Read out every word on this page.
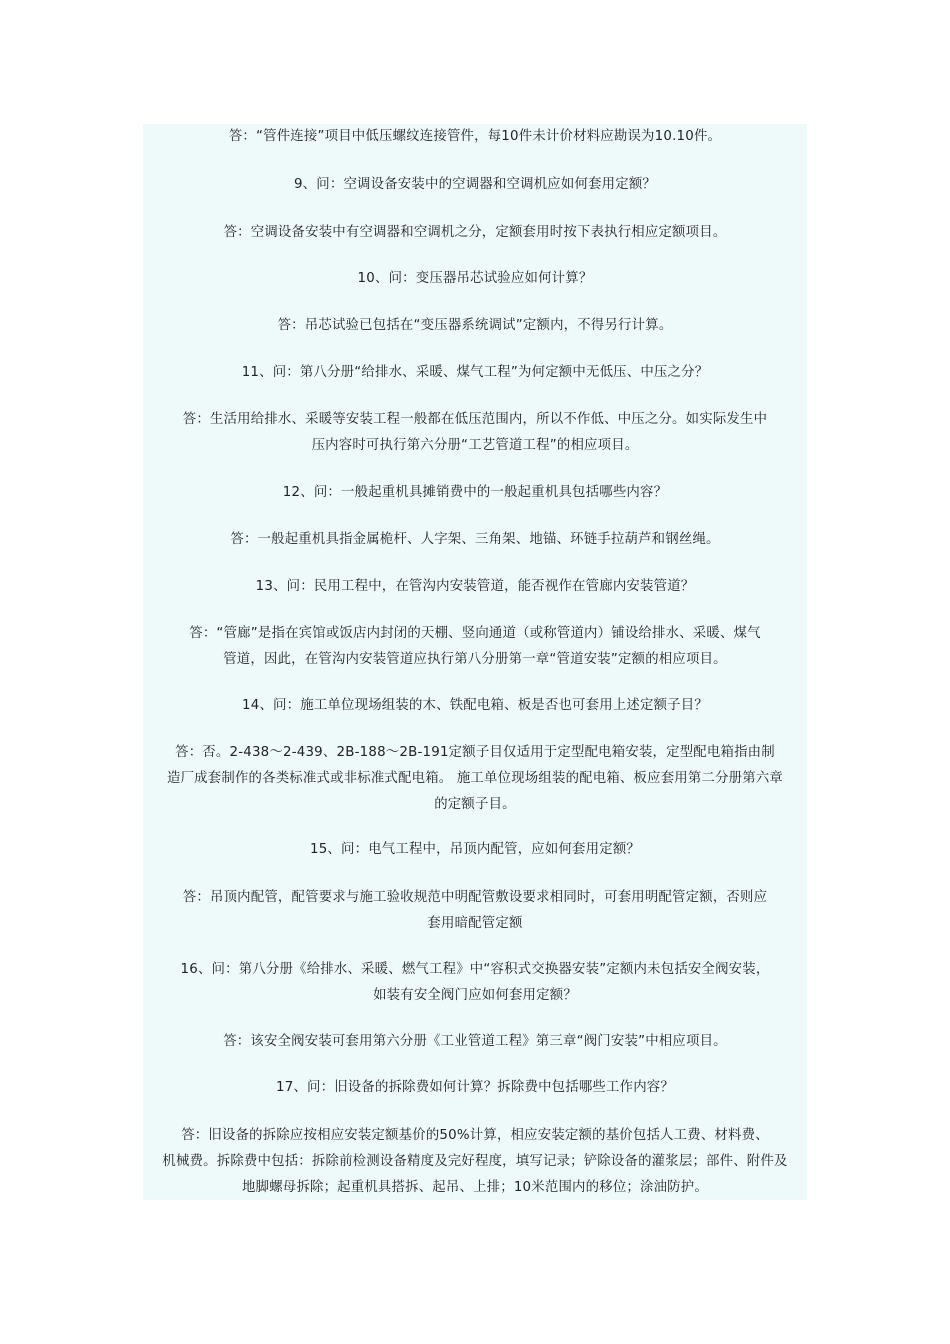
答：“管件连接”项目中低压螺纹连接管件，每10件未计价材料应勘误为10.10件。
9、问：空调设备安装中的空调器和空调机应如何套用定额？
答：空调设备安装中有空调器和空调机之分，定额套用时按下表执行相应定额项目。
10、问：变压器吊芯试验应如何计算？
答：吊芯试验已包括在“变压器系统调试”定额内，不得另行计算。
11、问：第八分册“给排水、采暖、煤气工程”为何定额中无低压、中压之分？
答：生活用给排水、采暖等安装工程一般都在低压范围内，所以不作低、中压之分。如实际发生中
压内容时可执行第六分册“工艺管道工程”的相应项目。
12、问：一般起重机具摊销费中的一般起重机具包括哪些内容？
答：一般起重机具指金属桅杆、人字架、三角架、地锚、环链手拉葫芦和钢丝绳。
13、问：民用工程中，在管沟内安装管道，能否视作在管廊内安装管道？
答：“管廊”是指在宾馆或饭店内封闭的天棚、竖向通道（或称管道内）铺设给排水、采暖、煤气
管道，因此，在管沟内安装管道应执行第八分册第一章“管道安装”定额的相应项目。
14、问：施工单位现场组装的木、铁配电箱、板是否也可套用上述定额子目？
答：否。2-438～2-439、2B-188～2B-191定额子目仅适用于定型配电箱安装，定型配电箱指由制
造厂成套制作的各类标准式或非标准式配电箱。 施工单位现场组装的配电箱、板应套用第二分册第六章
的定额子目。
15、问：电气工程中，吊顶内配管，应如何套用定额？
答：吊顶内配管，配管要求与施工验收规范中明配管敷设要求相同时，可套用明配管定额，否则应
套用暗配管定额
16、问：第八分册《给排水、采暖、燃气工程》中“容积式交换器安装”定额内未包括安全阀安装，
如装有安全阀门应如何套用定额？
答：该安全阀安装可套用第六分册《工业管道工程》第三章“阀门安装”中相应项目。
17、问：旧设备的拆除费如何计算？拆除费中包括哪些工作内容？
答：旧设备的拆除应按相应安装定额基价的50%计算，相应安装定额的基价包括人工费、材料费、
机械费。拆除费中包括：拆除前检测设备精度及完好程度，填写记录；铲除设备的灌浆层；部件、附件及
地脚螺母拆除；起重机具搭拆、起吊、上排；10米范围内的移位；涂油防护。
